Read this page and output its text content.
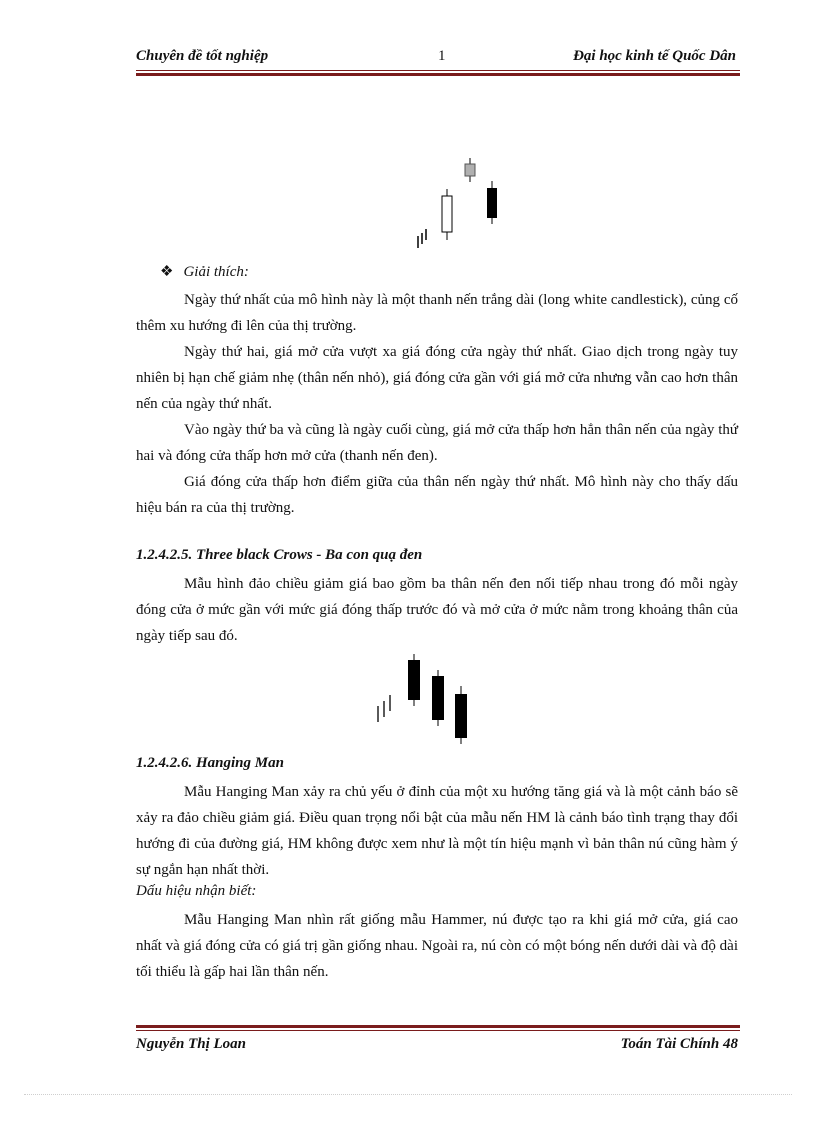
Chuyên đề tốt nghiệp	1	Đại học kinh tế Quốc Dân
❖ Giải thích:

Ngày thứ nhất của mô hình này là một thanh nến trắng dài (long white candlestick), củng cố thêm xu hướng đi lên của thị trường.

Ngày thứ hai, giá mở cửa vượt xa giá đóng cửa ngày thứ nhất. Giao dịch trong ngày tuy nhiên bị hạn chế giảm nhẹ (thân nến nhỏ), giá đóng cửa gần với giá mở cửa nhưng vẫn cao hơn thân nến của ngày thứ nhất.

Vào ngày thứ ba và cũng là ngày cuối cùng, giá mở cửa thấp hơn hẳn thân nến của ngày thứ hai và đóng cửa thấp hơn mở cửa (thanh nến đen).

Giá đóng cửa thấp hơn điểm giữa của thân nến ngày thứ nhất. Mô hình này cho thấy dấu hiệu bán ra của thị trường.

1.2.4.2.5. Three black Crows - Ba con quạ đen

Mẫu hình đảo chiều giảm giá bao gồm ba thân nến đen nối tiếp nhau trong đó mỗi ngày đóng cửa ở mức gần với mức giá đóng thấp trước đó và mở cửa ở mức nằm trong khoảng thân của ngày tiếp sau đó.

1.2.4.2.6. Hanging Man

Mẫu Hanging Man xảy ra chủ yếu ở đỉnh của một xu hướng tăng giá và là một cảnh báo sẽ xảy ra đảo chiều giảm giá. Điều quan trọng nổi bật của mẫu nến HM là cảnh báo tình trạng thay đổi hướng đi của đường giá, HM không được xem như là một tín hiệu mạnh vì bản thân nú cũng hàm ý sự ngắn hạn nhất thời.

Dấu hiệu nhận biết:

Mẫu Hanging Man nhìn rất giống mẫu Hammer, nú được tạo ra khi giá mở cửa, giá cao nhất và giá đóng cửa có giá trị gần giống nhau. Ngoài ra, nú còn có một bóng nến dưới dài và độ dài tối thiểu là gấp hai lần thân nến.

Nguyễn Thị Loan	Toán Tài Chính 48
